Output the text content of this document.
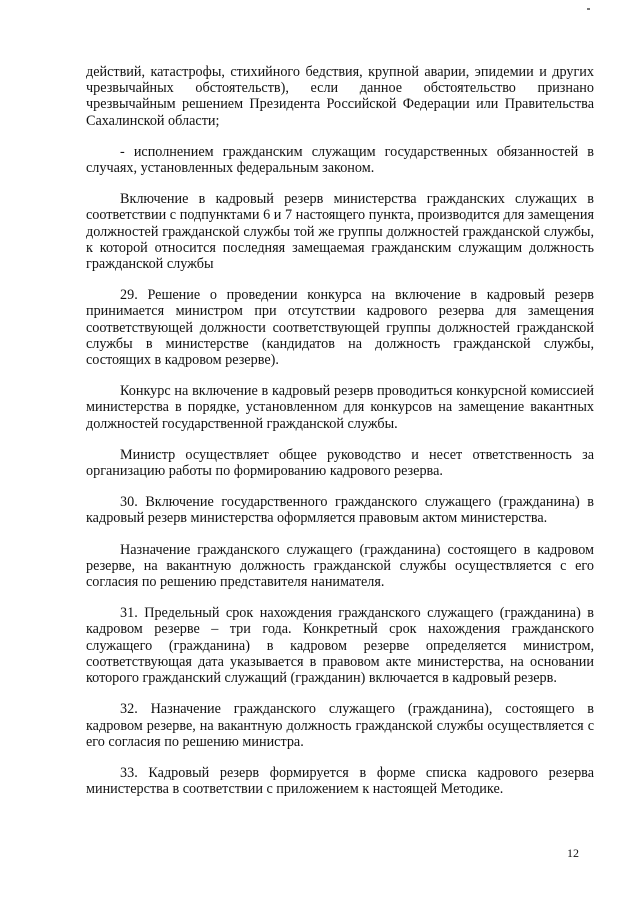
действий, катастрофы, стихийного бедствия, крупной аварии, эпидемии и других чрезвычайных обстоятельств), если данное обстоятельство признано чрезвычайным решением Президента Российской Федерации или Правительства Сахалинской области;

- исполнением гражданским служащим государственных обязанностей в случаях, установленных федеральным законом.

Включение в кадровый резерв министерства гражданских служащих в соответствии с подпунктами 6 и 7 настоящего пункта, производится для замещения должностей гражданской службы той же группы должностей гражданской службы, к которой относится последняя замещаемая гражданским служащим должность гражданской службы

29. Решение о проведении конкурса на включение в кадровый резерв принимается министром при отсутствии кадрового резерва для замещения соответствующей должности соответствующей группы должностей гражданской службы в министерстве (кандидатов на должность гражданской службы, состоящих в кадровом резерве).

Конкурс на включение в кадровый резерв проводиться конкурсной комиссией министерства в порядке, установленном для конкурсов на замещение вакантных должностей государственной гражданской службы.

Министр осуществляет общее руководство и несет ответственность за организацию работы по формированию кадрового резерва.

30. Включение государственного гражданского служащего (гражданина) в кадровый резерв министерства оформляется правовым актом министерства.

Назначение гражданского служащего (гражданина) состоящего в кадровом резерве, на вакантную должность гражданской службы осуществляется с его согласия по решению представителя нанимателя.

31. Предельный срок нахождения гражданского служащего (гражданина) в кадровом резерве – три года. Конкретный срок нахождения гражданского служащего (гражданина) в кадровом резерве определяется министром, соответствующая дата указывается в правовом акте министерства, на основании которого гражданский служащий (гражданин) включается в кадровый резерв.

32. Назначение гражданского служащего (гражданина), состоящего в кадровом резерве, на вакантную должность гражданской службы осуществляется с его согласия по решению министра.

33. Кадровый резерв формируется в форме списка кадрового резерва министерства в соответствии с приложением к настоящей Методике.

12
